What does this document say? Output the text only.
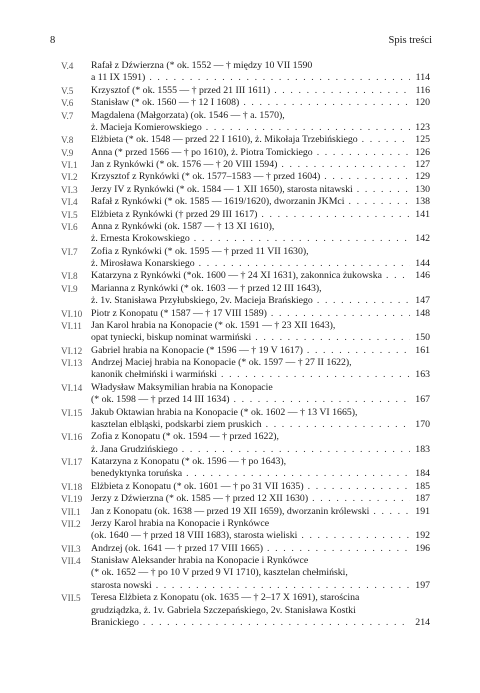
8	Spis treści
V.4	Rafał z Dźwierzna (* ok. 1552 — † między 10 VII 1590
a 11 IX 1591) . . .	114
V.5	Krzysztof (* ok. 1555 — † przed 21 III 1611) . . .	116
V.6	Stanisław (* ok. 1560 — † 12 I 1608) . . .	120
V.7	Magdalena (Małgorzata) (ok. 1546 — † a. 1570),
ż. Macieja Komierowskiego . . .	123
V.8	Elżbieta (* ok. 1548 — przed 22 I 1610), ż. Mikołaja Trzebińskiego . . .	125
V.9	Anna (* przed 1566 — † po 1610), ż. Piotra Tomickiego . . .	126
VI.1	Jan z Rynkówki (* ok. 1576 — † 20 VIII 1594) . . .	127
VI.2	Krzysztof z Rynkówki (* ok. 1577–1583 — † przed 1604) . . .	129
VI.3	Jerzy IV z Rynkówki (* ok. 1584 — 1 XII 1650), starosta nitawski . . .	130
VI.4	Rafał z Rynkówki (* ok. 1585 — 1619/1620), dworzanin JKMci . . .	138
VI.5	Elżbieta z Rynkówki († przed 29 III 1617) . . .	141
VI.6	Anna z Rynkówki (ok. 1587 — † 13 XI 1610),
ż. Ernesta Krokowskiego . . .	142
VI.7	Zofia z Rynkówki (* ok. 1595 — † przed 11 VII 1630),
ż. Mirosława Konarskiego . . .	144
VI.8	Katarzyna z Rynkówki (*ok. 1600 — † 24 XI 1631), zakonnica żukowska . . .	146
VI.9	Marianna z Rynkówki (* ok. 1603 — † przed 12 III 1643),
ż. 1v. Stanisława Przyłubskiego, 2v. Macieja Brańskiego . . .	147
VI.10 Piotr z Konopatu (* 1587 — † 17 VIII 1589) . . .	148
VI.11 Jan Karol hrabia na Konopacie (* ok. 1591 — † 23 XII 1643),
opat tyniecki, biskup nominat warmiński . . .	150
VI.12 Gabriel hrabia na Konopacie (* 1596 — † 19 V 1617) . . .	161
VI.13 Andrzej Maciej hrabia na Konopacie (* ok. 1597 — † 27 II 1622),
kanonik chełmiński i warmiński . . .	163
VI.14 Władysław Maksymilian hrabia na Konopacie
(* ok. 1598 — † przed 14 III 1634) . . .	167
VI.15 Jakub Oktawian hrabia na Konopacie (* ok. 1602 — † 13 VI 1665),
kasztelan elbląski, podskarbi ziem pruskich . . .	170
VI.16 Zofia z Konopatu (* ok. 1594 — † przed 1622),
ż. Jana Grudzińskiego . . .	183
VI.17 Katarzyna z Konopatu (* ok. 1596 — † po 1643),
benedyktynka toruńska . . .	184
VI.18 Elżbieta z Konopatu (* ok. 1601 — † po 31 VII 1635) . . .	185
VI.19 Jerzy z Dźwierzna (* ok. 1585 — † przed 12 XII 1630) . . .	187
VII.1	Jan z Konopatu (ok. 1638 — przed 19 XII 1659), dworzanin królewski . . .	191
VII.2	Jerzy Karol hrabia na Konopacie i Rynkówce
(ok. 1640 — † przed 18 VIII 1683), starosta wieliski . . .	192
VII.3	Andrzej (ok. 1641 — † przed 17 VIII 1665) . . .	196
VII.4	Stanisław Aleksander hrabia na Konopacie i Rynkówce
(* ok. 1652 — † po 10 V przed 9 VI 1710), kasztelan chełmiński,
starosta nowski . . .	197
VII.5	Teresa Elżbieta z Konopatu (ok. 1635 — † 2–17 X 1691), starościna
grudziądzka, ż. 1v. Gabriela Szczepańskiego, 2v. Stanisława Kostki
Branickiego . . .	214
